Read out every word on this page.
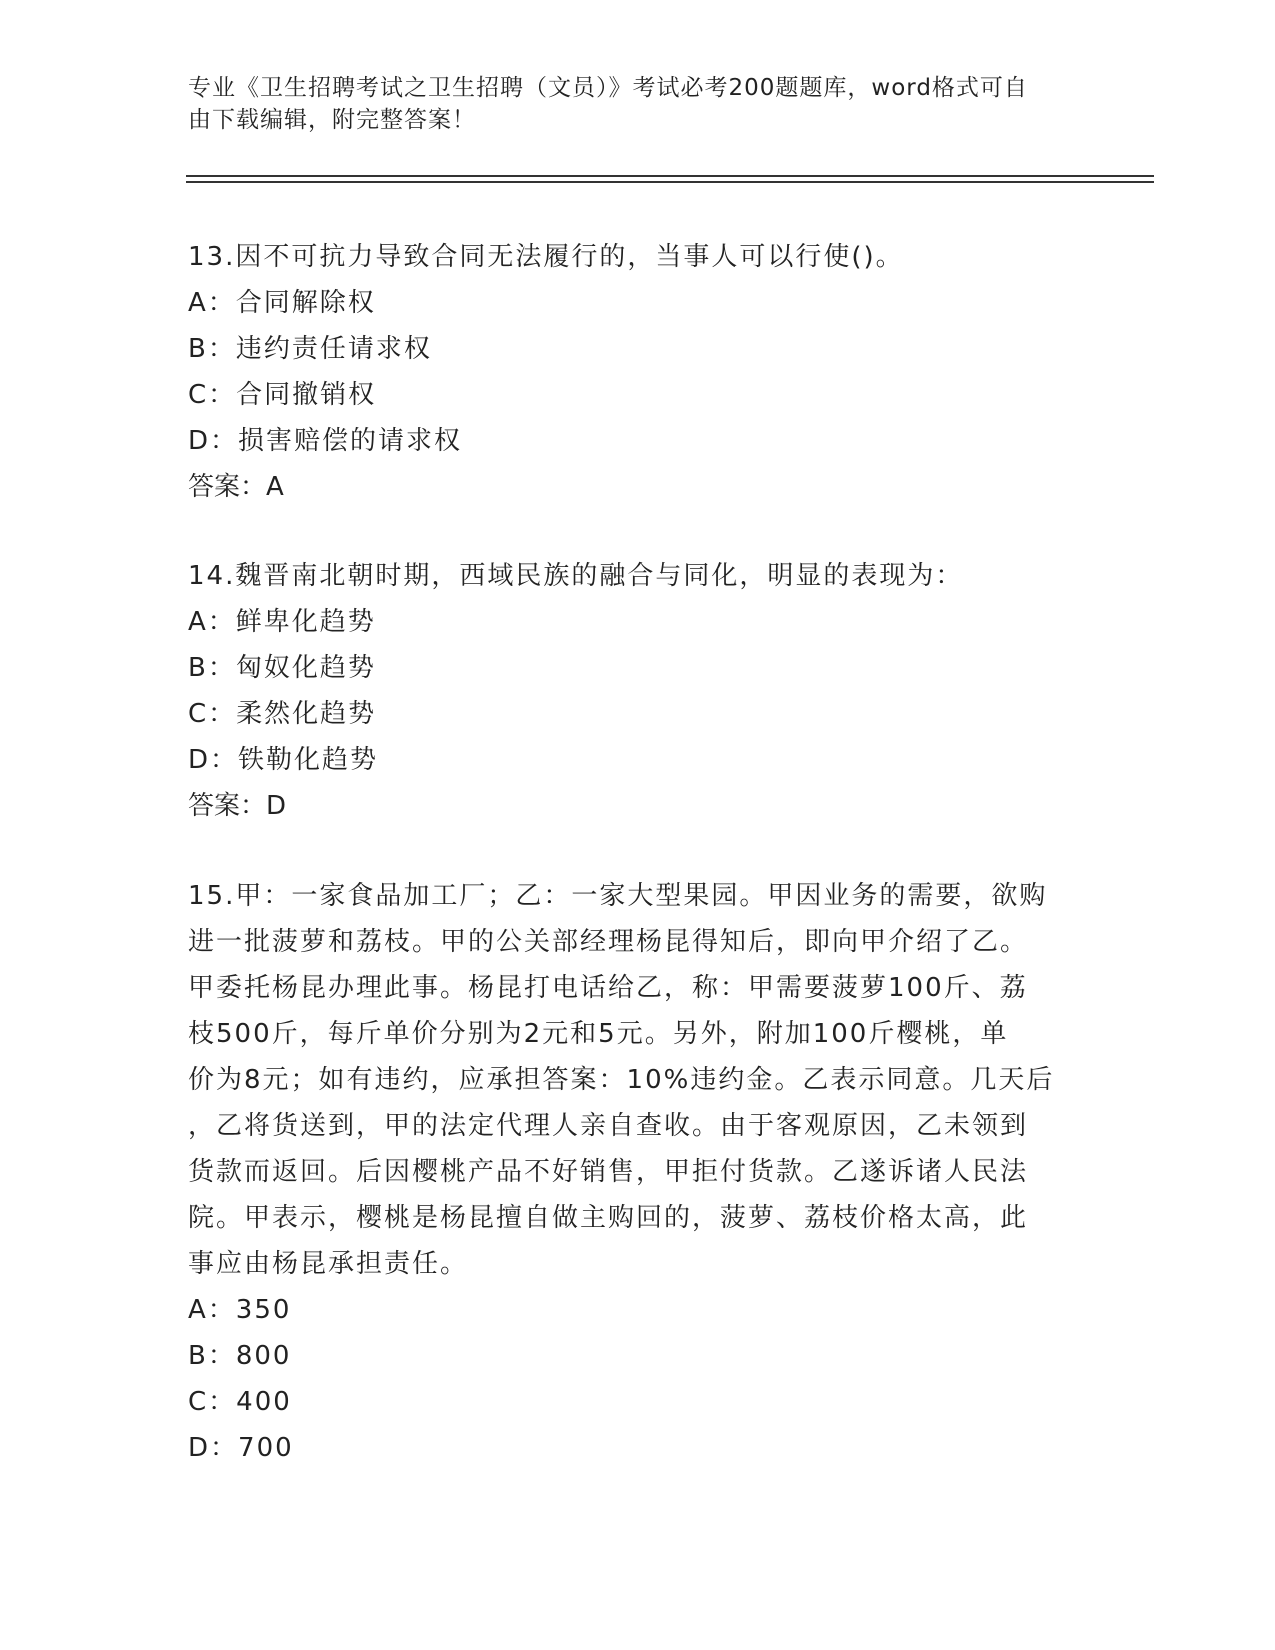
专业《卫生招聘考试之卫生招聘（文员）》考试必考200题题库，word格式可自
由下载编辑，附完整答案！
13.因不可抗力导致合同无法履行的，当事人可以行使()。
A：合同解除权
B：违约责任请求权
C：合同撤销权
D：损害赔偿的请求权
答案：A
14.魏晋南北朝时期，西域民族的融合与同化，明显的表现为：
A：鲜卑化趋势
B：匈奴化趋势
C：柔然化趋势
D：铁勒化趋势
答案：D
15.甲：一家食品加工厂；乙：一家大型果园。甲因业务的需要，欲购
进一批菠萝和荔枝。甲的公关部经理杨昆得知后，即向甲介绍了乙。
甲委托杨昆办理此事。杨昆打电话给乙，称：甲需要菠萝100斤、荔
枝500斤，每斤单价分别为2元和5元。另外，附加100斤樱桃，单
价为8元；如有违约，应承担答案：10%违约金。乙表示同意。几天后
，乙将货送到，甲的法定代理人亲自查收。由于客观原因，乙未领到
货款而返回。后因樱桃产品不好销售，甲拒付货款。乙遂诉诸人民法
院。甲表示，樱桃是杨昆擅自做主购回的，菠萝、荔枝价格太高，此
事应由杨昆承担责任。
A：350
B：800
C：400
D：700
